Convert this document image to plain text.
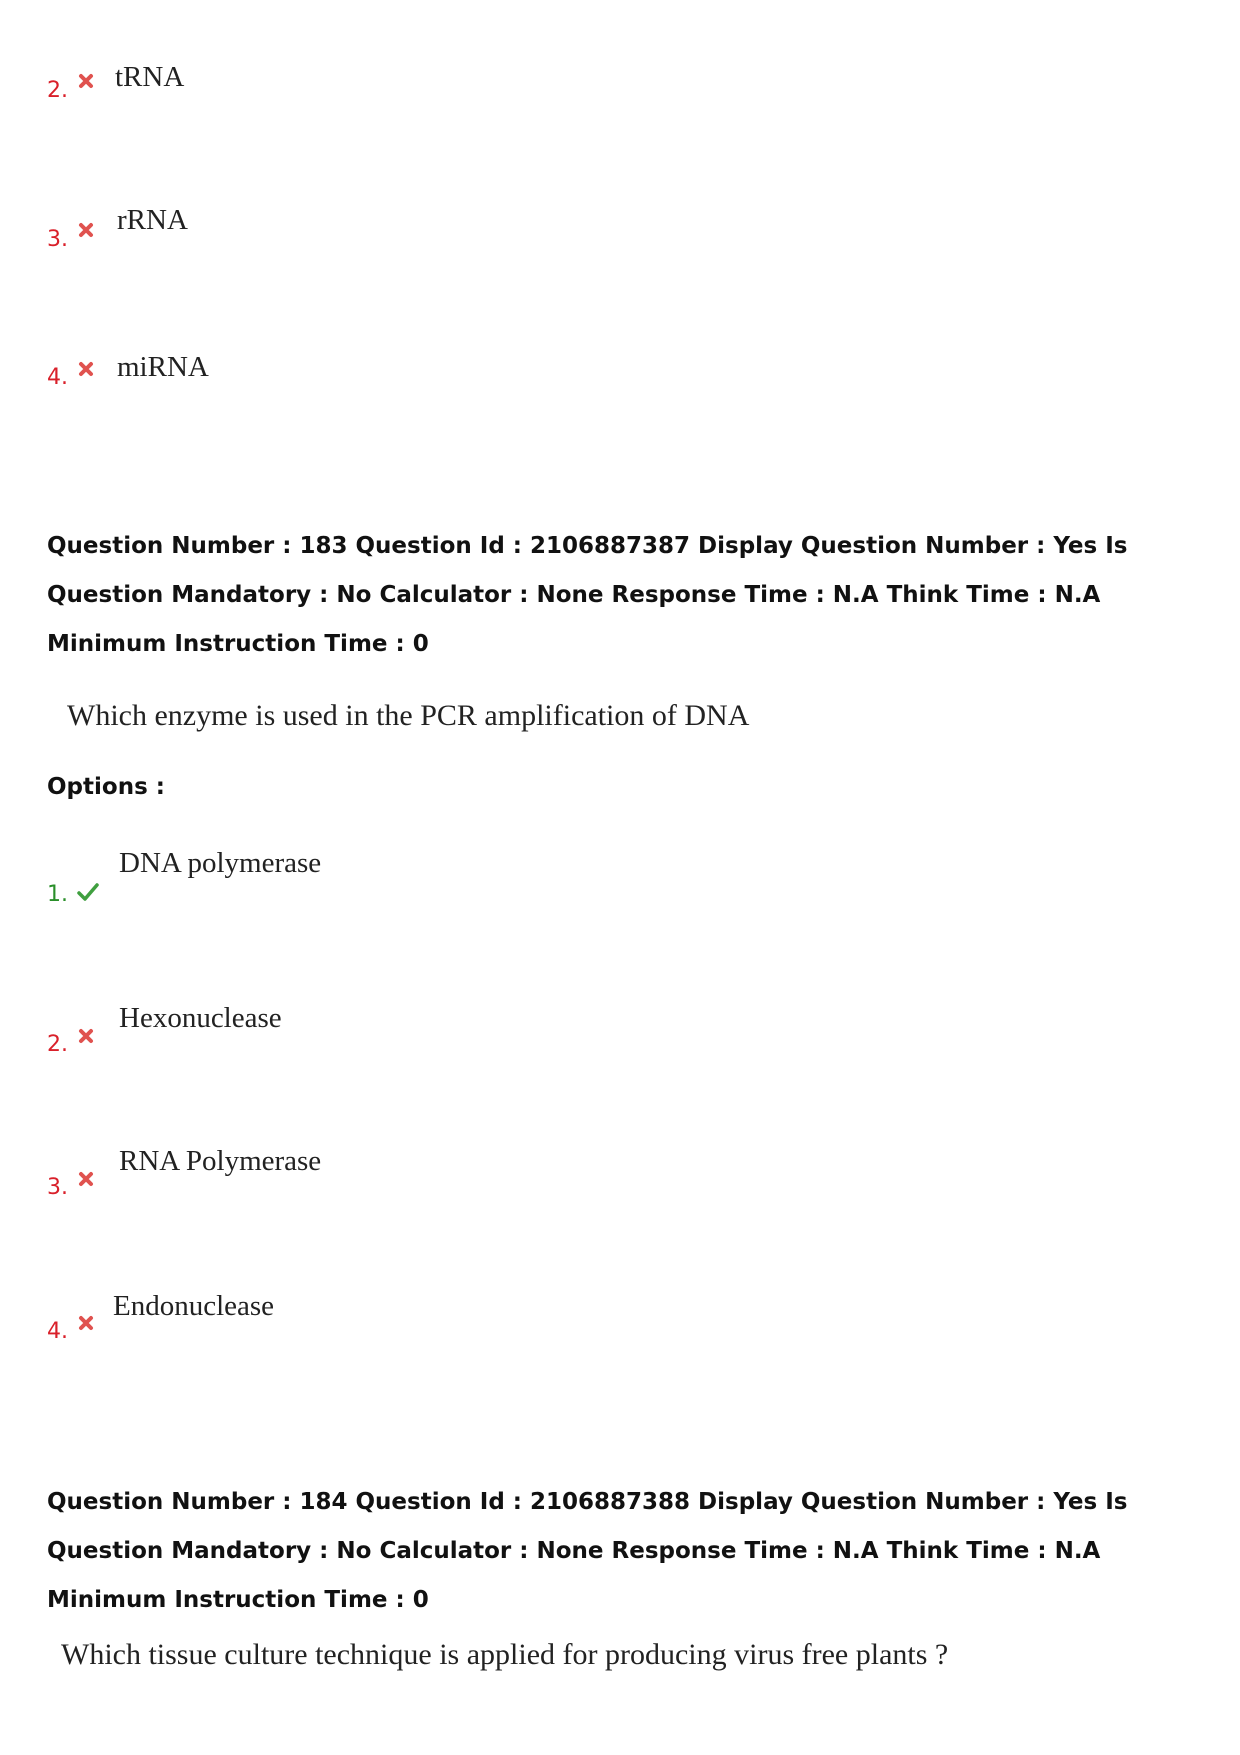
2. tRNA
3.
rRNA
4. miRNA
Question Number : 183 Question Id : 2106887387 Display Question Number : Yes Is Question Mandatory : No Calculator : None Response Time : N.A Think Time : N.A Minimum Instruction Time : 0
Which enzyme is used in the PCR amplification of DNA
Options :
1.
DNA polymerase
2.
Hexonuclease
3.
RNA Polymerase
4.
Endonuclease
Question Number : 184 Question Id : 2106887388 Display Question Number : Yes Is Question Mandatory : No Calculator : None Response Time : N.A Think Time : N.A Minimum Instruction Time : 0
Which tissue culture technique is applied for producing virus free plants ?
